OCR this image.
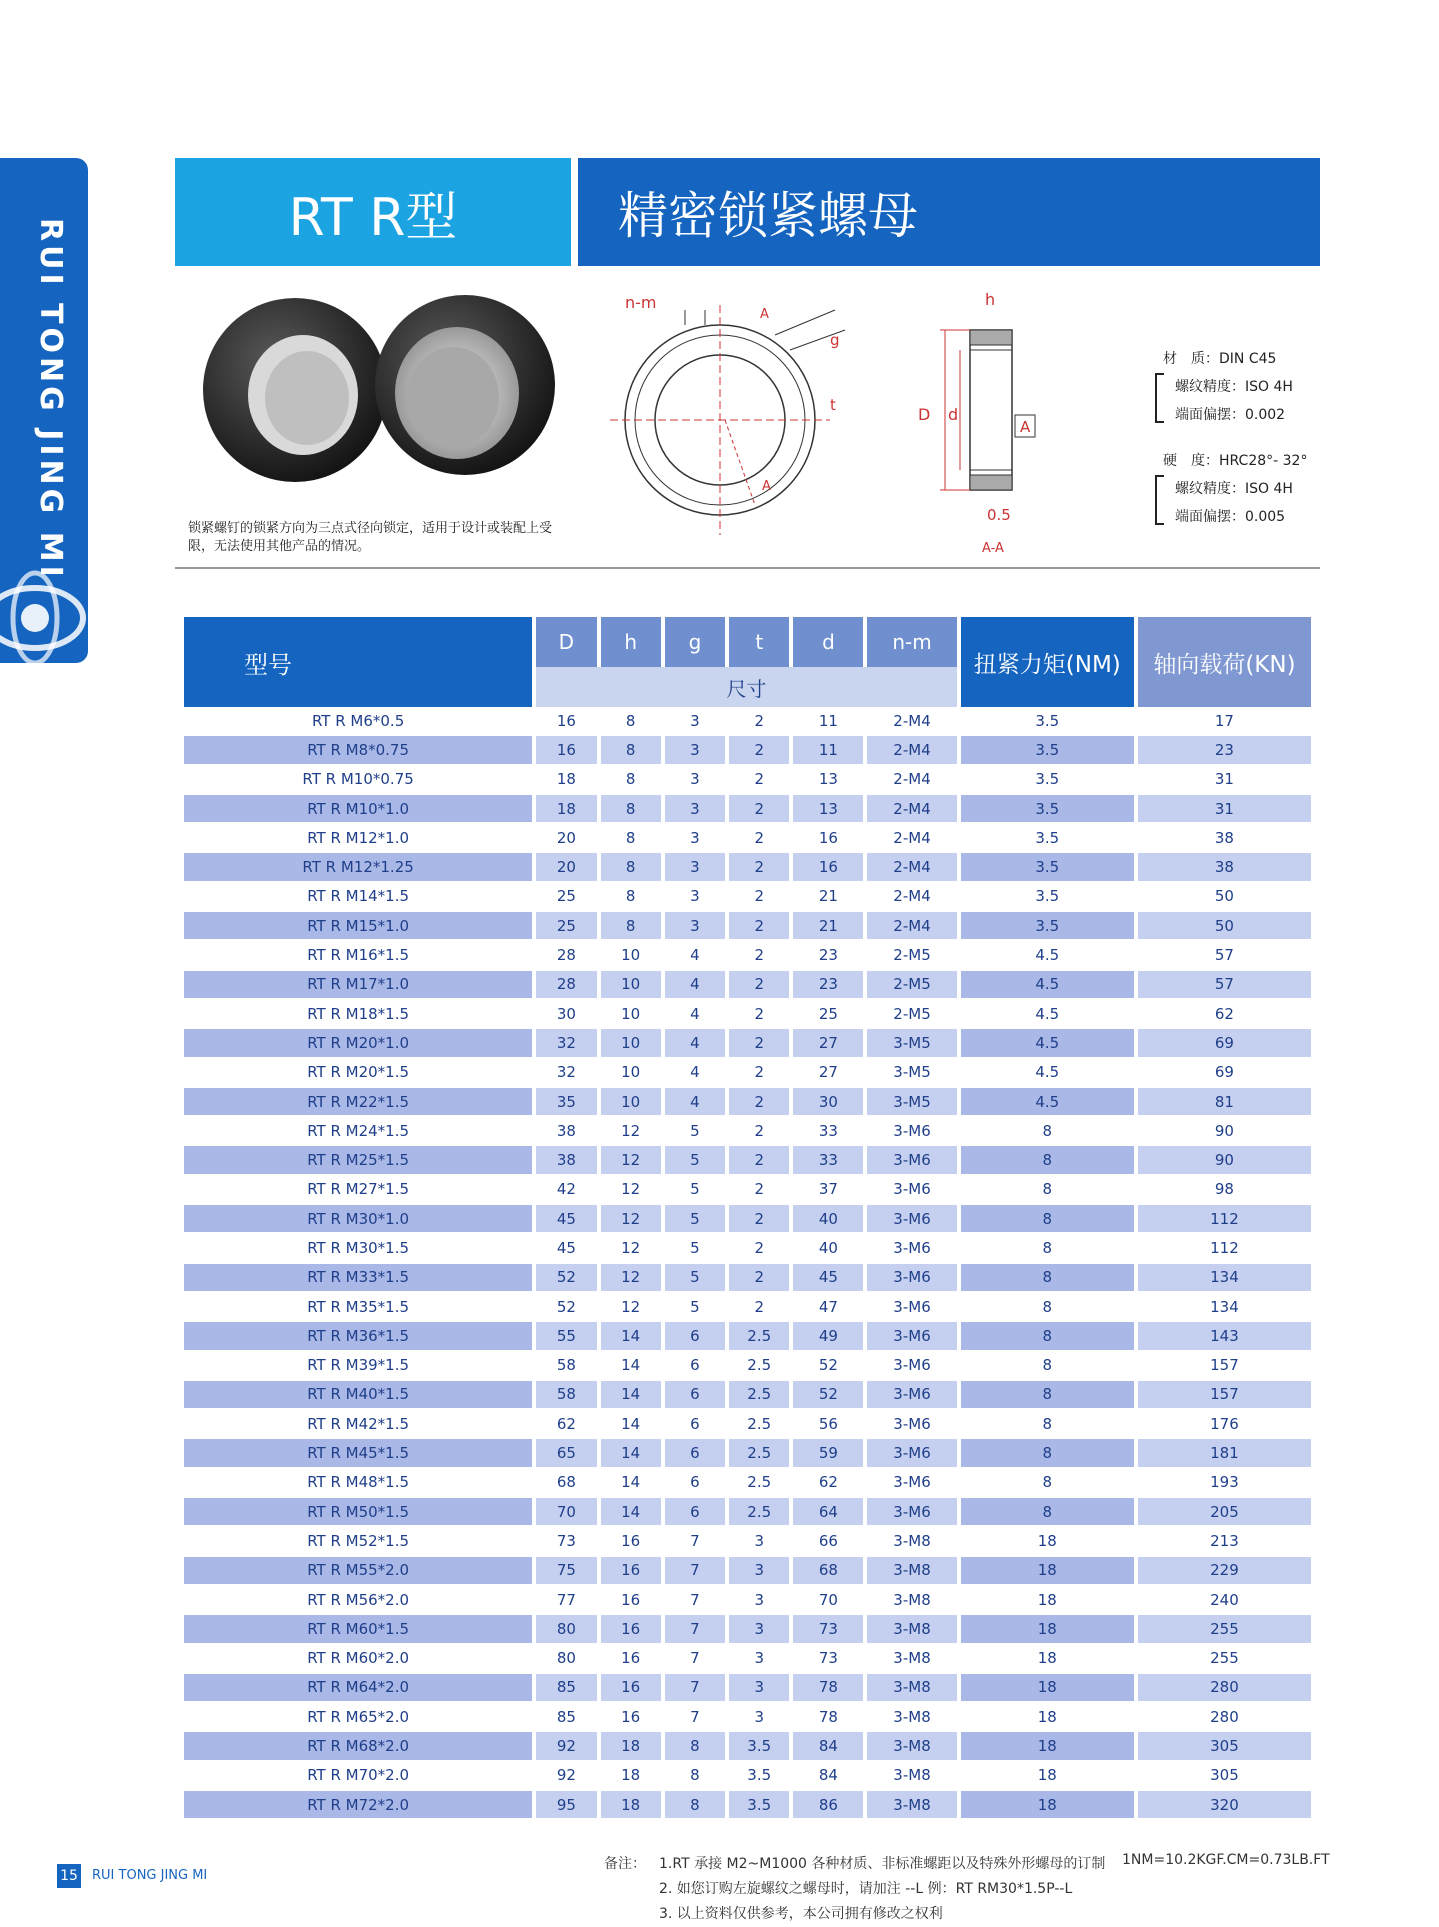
RUI TONG JING MI
RT R型	精密锁紧螺母
锁紧螺钉的锁紧方向为三点式径向锁定，适用于设计或装配上受限，无法使用其他产品的情况。
n-m
A
g
t
A
h
D d
A
0.5
A-A
材　质：DIN C45
螺纹精度：ISO 4H
端面偏摆：0.002
硬　度：HRC28°- 32°
螺纹精度：ISO 4H
端面偏摆：0.005
型号	D	h	g	t	d	n-m	扭紧力矩(NM)	轴向载荷(KN)
	尺寸							
RT R M6*0.5	16	8	3	2	11	2-M4	3.5	17
RT R M8*0.75	16	8	3	2	11	2-M4	3.5	23
RT R M10*0.75	18	8	3	2	13	2-M4	3.5	31
RT R M10*1.0	18	8	3	2	13	2-M4	3.5	31
RT R M12*1.0	20	8	3	2	16	2-M4	3.5	38
RT R M12*1.25	20	8	3	2	16	2-M4	3.5	38
RT R M14*1.5	25	8	3	2	21	2-M4	3.5	50
RT R M15*1.0	25	8	3	2	21	2-M4	3.5	50
RT R M16*1.5	28	10	4	2	23	2-M5	4.5	57
RT R M17*1.0	28	10	4	2	23	2-M5	4.5	57
RT R M18*1.5	30	10	4	2	25	2-M5	4.5	62
RT R M20*1.0	32	10	4	2	27	3-M5	4.5	69
RT R M20*1.5	32	10	4	2	27	3-M5	4.5	69
RT R M22*1.5	35	10	4	2	30	3-M5	4.5	81
RT R M24*1.5	38	12	5	2	33	3-M6	8	90
RT R M25*1.5	38	12	5	2	33	3-M6	8	90
RT R M27*1.5	42	12	5	2	37	3-M6	8	98
RT R M30*1.0	45	12	5	2	40	3-M6	8	112
RT R M30*1.5	45	12	5	2	40	3-M6	8	112
RT R M33*1.5	52	12	5	2	45	3-M6	8	134
RT R M35*1.5	52	12	5	2	47	3-M6	8	134
RT R M36*1.5	55	14	6	2.5	49	3-M6	8	143
RT R M39*1.5	58	14	6	2.5	52	3-M6	8	157
RT R M40*1.5	58	14	6	2.5	52	3-M6	8	157
RT R M42*1.5	62	14	6	2.5	56	3-M6	8	176
RT R M45*1.5	65	14	6	2.5	59	3-M6	8	181
RT R M48*1.5	68	14	6	2.5	62	3-M6	8	193
RT R M50*1.5	70	14	6	2.5	64	3-M6	8	205
RT R M52*1.5	73	16	7	3	66	3-M8	18	213
RT R M55*2.0	75	16	7	3	68	3-M8	18	229
RT R M56*2.0	77	16	7	3	70	3-M8	18	240
RT R M60*1.5	80	16	7	3	73	3-M8	18	255
RT R M60*2.0	80	16	7	3	73	3-M8	18	255
RT R M64*2.0	85	16	7	3	78	3-M8	18	280
RT R M65*2.0	85	16	7	3	78	3-M8	18	280
RT R M68*2.0	92	18	8	3.5	84	3-M8	18	305
RT R M70*2.0	92	18	8	3.5	84	3-M8	18	305
RT R M72*2.0	95	18	8	3.5	86	3-M8	18	320
15 RUI TONG JING MI
备注： 1.RT 承接 M2~M1000 各种材质、非标准螺距以及特殊外形螺母的订制
2. 如您订购左旋螺纹之螺母时，请加注 --L 例：RT RM30*1.5P--L
3. 以上资料仅供参考，本公司拥有修改之权利
1NM=10.2KGF.CM=0.73LB.FT
